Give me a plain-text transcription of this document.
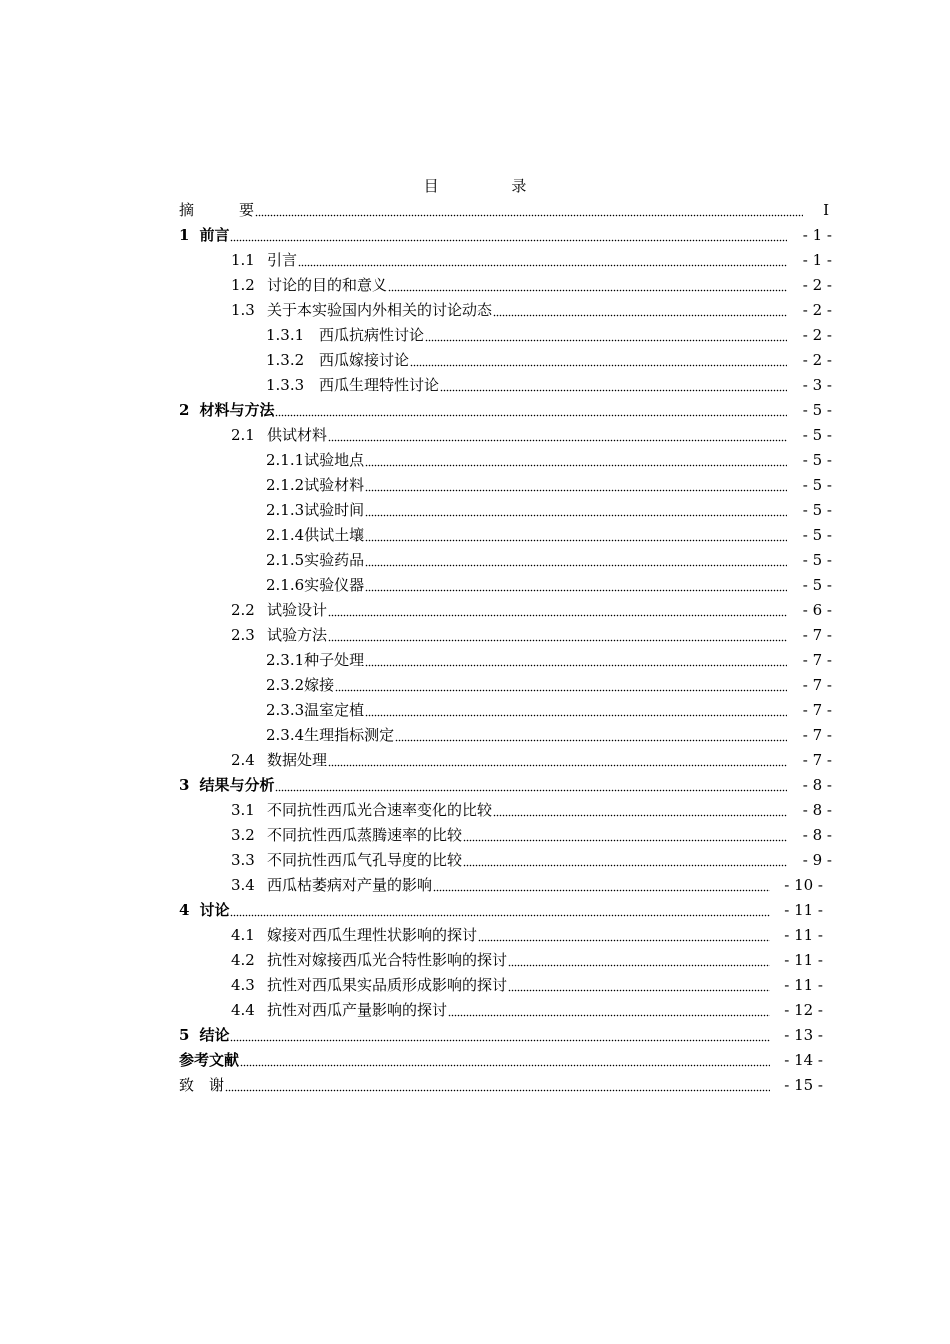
目 录
摘　　　要	I
1 前言	- 1 -
1.1 引言	- 1 -
1.2 讨论的目的和意义	- 2 -
1.3 关于本实验国内外相关的讨论动态	- 2 -
1.3.1 西瓜抗病性讨论	- 2 -
1.3.2 西瓜嫁接讨论	- 2 -
1.3.3 西瓜生理特性讨论	- 3 -
2 材料与方法	- 5 -
2.1 供试材料	- 5 -
2.1.1试验地点	- 5 -
2.1.2试验材料	- 5 -
2.1.3试验时间	- 5 -
2.1.4供试土壤	- 5 -
2.1.5实验药品	- 5 -
2.1.6实验仪器	- 5 -
2.2 试验设计	- 6 -
2.3 试验方法	- 7 -
2.3.1种子处理	- 7 -
2.3.2嫁接	- 7 -
2.3.3温室定植	- 7 -
2.3.4生理指标测定	- 7 -
2.4 数据处理	- 7 -
3 结果与分析	- 8 -
3.1 不同抗性西瓜光合速率变化的比较	- 8 -
3.2 不同抗性西瓜蒸腾速率的比较	- 8 -
3.3 不同抗性西瓜气孔导度的比较	- 9 -
3.4 西瓜枯萎病对产量的影响	- 10 -
4 讨论	- 11 -
4.1 嫁接对西瓜生理性状影响的探讨	- 11 -
4.2 抗性对嫁接西瓜光合特性影响的探讨	- 11 -
4.3 抗性对西瓜果实品质形成影响的探讨	- 11 -
4.4 抗性对西瓜产量影响的探讨	- 12 -
5 结论	- 13 -
参考文献	- 14 -
致　谢	- 15 -
